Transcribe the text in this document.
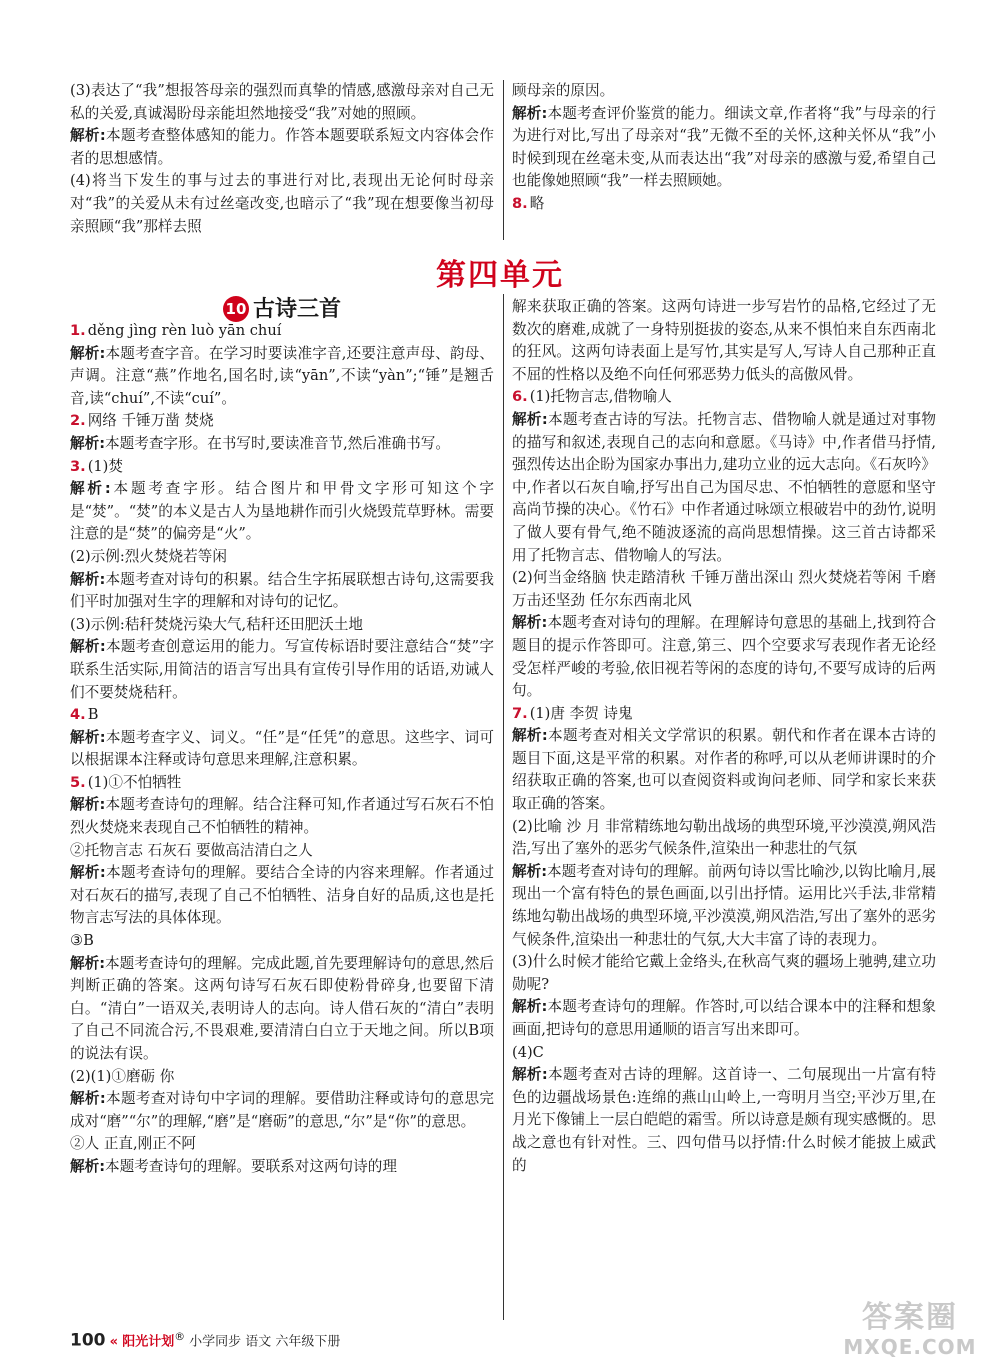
(3)表达了“我”想报答母亲的强烈而真挚的情感,感激母亲对自己无私的关爱,真诚渴盼母亲能坦然地接受“我”对她的照顾。

解析:本题考查整体感知的能力。作答本题要联系短文内容体会作者的思想感情。

(4)将当下发生的事与过去的事进行对比,表现出无论何时母亲对“我”的关爱从未有过丝毫改变,也暗示了“我”现在想要像当初母亲照顾“我”那样去照

顾母亲的原因。

解析:本题考查评价鉴赏的能力。细读文章,作者将“我”与母亲的行为进行对比,写出了母亲对“我”无微不至的关怀,这种关怀从“我”小时候到现在丝毫未变,从而表达出“我”对母亲的感激与爱,希望自己也能像她照顾“我”一样去照顾她。

8. 略

第四单元
10 古诗三首

1. děng jìng rèn luò yān chuí

解析:本题考查字音。在学习时要读准字音,还要注意声母、韵母、声调。注意“燕”作地名,国名时,读“yān”,不读“yàn”;“锤”是翘舌音,读“chuí”,不读“cuí”。

2. 网络 千锤万凿 焚烧

解析:本题考查字形。在书写时,要读准音节,然后准确书写。

3. (1)焚

解析:本题考查字形。结合图片和甲骨文字形可知这个字是“焚”。“焚”的本义是古人为垦地耕作而引火烧毁荒草野林。需要注意的是“焚”的偏旁是“火”。

(2)示例:烈火焚烧若等闲

解析:本题考查对诗句的积累。结合生字拓展联想古诗句,这需要我们平时加强对生字的理解和对诗句的记忆。

(3)示例:秸秆焚烧污染大气,秸秆还田肥沃土地

解析:本题考查创意运用的能力。写宣传标语时要注意结合“焚”字联系生活实际,用简洁的语言写出具有宣传引导作用的话语,劝诫人们不要焚烧秸秆。

4. B

解析:本题考查字义、词义。“任”是“任凭”的意思。这些字、词可以根据课本注释或诗句意思来理解,注意积累。

5. (1)①不怕牺牲

解析:本题考查诗句的理解。结合注释可知,作者通过写石灰石不怕烈火焚烧来表现自己不怕牺牲的精神。

②托物言志 石灰石 要做高洁清白之人

解析:本题考查诗句的理解。要结合全诗的内容来理解。作者通过对石灰石的描写,表现了自己不怕牺牲、洁身自好的品质,这也是托物言志写法的具体体现。

③B

解析:本题考查诗句的理解。完成此题,首先要理解诗句的意思,然后判断正确的答案。这两句诗写石灰石即使粉骨碎身,也要留下清白。“清白”一语双关,表明诗人的志向。诗人借石灰的“清白”表明了自己不同流合污,不畏艰难,要清清白白立于天地之间。所以B项的说法有误。

(2)(1)①磨砺 你

解析:本题考查对诗句中字词的理解。要借助注释或诗句的意思完成对“磨”“尔”的理解,“磨”是“磨砺”的意思,“尔”是“你”的意思。

②人 正直,刚正不阿

解析:本题考查诗句的理解。要联系对这两句诗的理

解来获取正确的答案。这两句诗进一步写岩竹的品格,它经过了无数次的磨难,成就了一身特别挺拔的姿态,从来不惧怕来自东西南北的狂风。这两句诗表面上是写竹,其实是写人,写诗人自己那种正直不屈的性格以及绝不向任何邪恶势力低头的高傲风骨。

6. (1)托物言志,借物喻人

解析:本题考查古诗的写法。托物言志、借物喻人就是通过对事物的描写和叙述,表现自己的志向和意愿。《马诗》中,作者借马抒情,强烈传达出企盼为国家办事出力,建功立业的远大志向。《石灰吟》中,作者以石灰自喻,抒写出自己为国尽忠、不怕牺牲的意愿和坚守高尚节操的决心。《竹石》中作者通过咏颂立根破岩中的劲竹,说明了做人要有骨气,绝不随波逐流的高尚思想情操。这三首古诗都采用了托物言志、借物喻人的写法。

(2)何当金络脑 快走踏清秋 千锤万凿出深山 烈火焚烧若等闲 千磨万击还坚劲 任尔东西南北风

解析:本题考查对诗句的理解。在理解诗句意思的基础上,找到符合题目的提示作答即可。注意,第三、四个空要求写表现作者无论经受怎样严峻的考验,依旧视若等闲的态度的诗句,不要写成诗的后两句。

7. (1)唐 李贺 诗鬼

解析:本题考查对相关文学常识的积累。朝代和作者在课本古诗的题目下面,这是平常的积累。对作者的称呼,可以从老师讲课时的介绍获取正确的答案,也可以查阅资料或询问老师、同学和家长来获取正确的答案。

(2)比喻 沙 月 非常精练地勾勒出战场的典型环境,平沙漠漠,朔风浩浩,写出了塞外的恶劣气候条件,渲染出一种悲壮的气氛

解析:本题考查对诗句的理解。前两句诗以雪比喻沙,以钩比喻月,展现出一个富有特色的景色画面,以引出抒情。运用比兴手法,非常精练地勾勒出战场的典型环境,平沙漠漠,朔风浩浩,写出了塞外的恶劣气候条件,渲染出一种悲壮的气氛,大大丰富了诗的表现力。

(3)什么时候才能给它戴上金络头,在秋高气爽的疆场上驰骋,建立功勋呢?

解析:本题考查诗句的理解。作答时,可以结合课本中的注释和想象画面,把诗句的意思用通顺的语言写出来即可。

(4)C

解析:本题考查对古诗的理解。这首诗一、二句展现出一片富有特色的边疆战场景色:连绵的燕山山岭上,一弯明月当空;平沙万里,在月光下像铺上一层白皑皑的霜雪。所以诗意是颇有现实感慨的。思战之意也有针对性。三、四句借马以抒情:什么时候才能披上威武的

100 « 阳光计划® 小学同步 语文 六年级下册
答案圈
MXQE.COM
